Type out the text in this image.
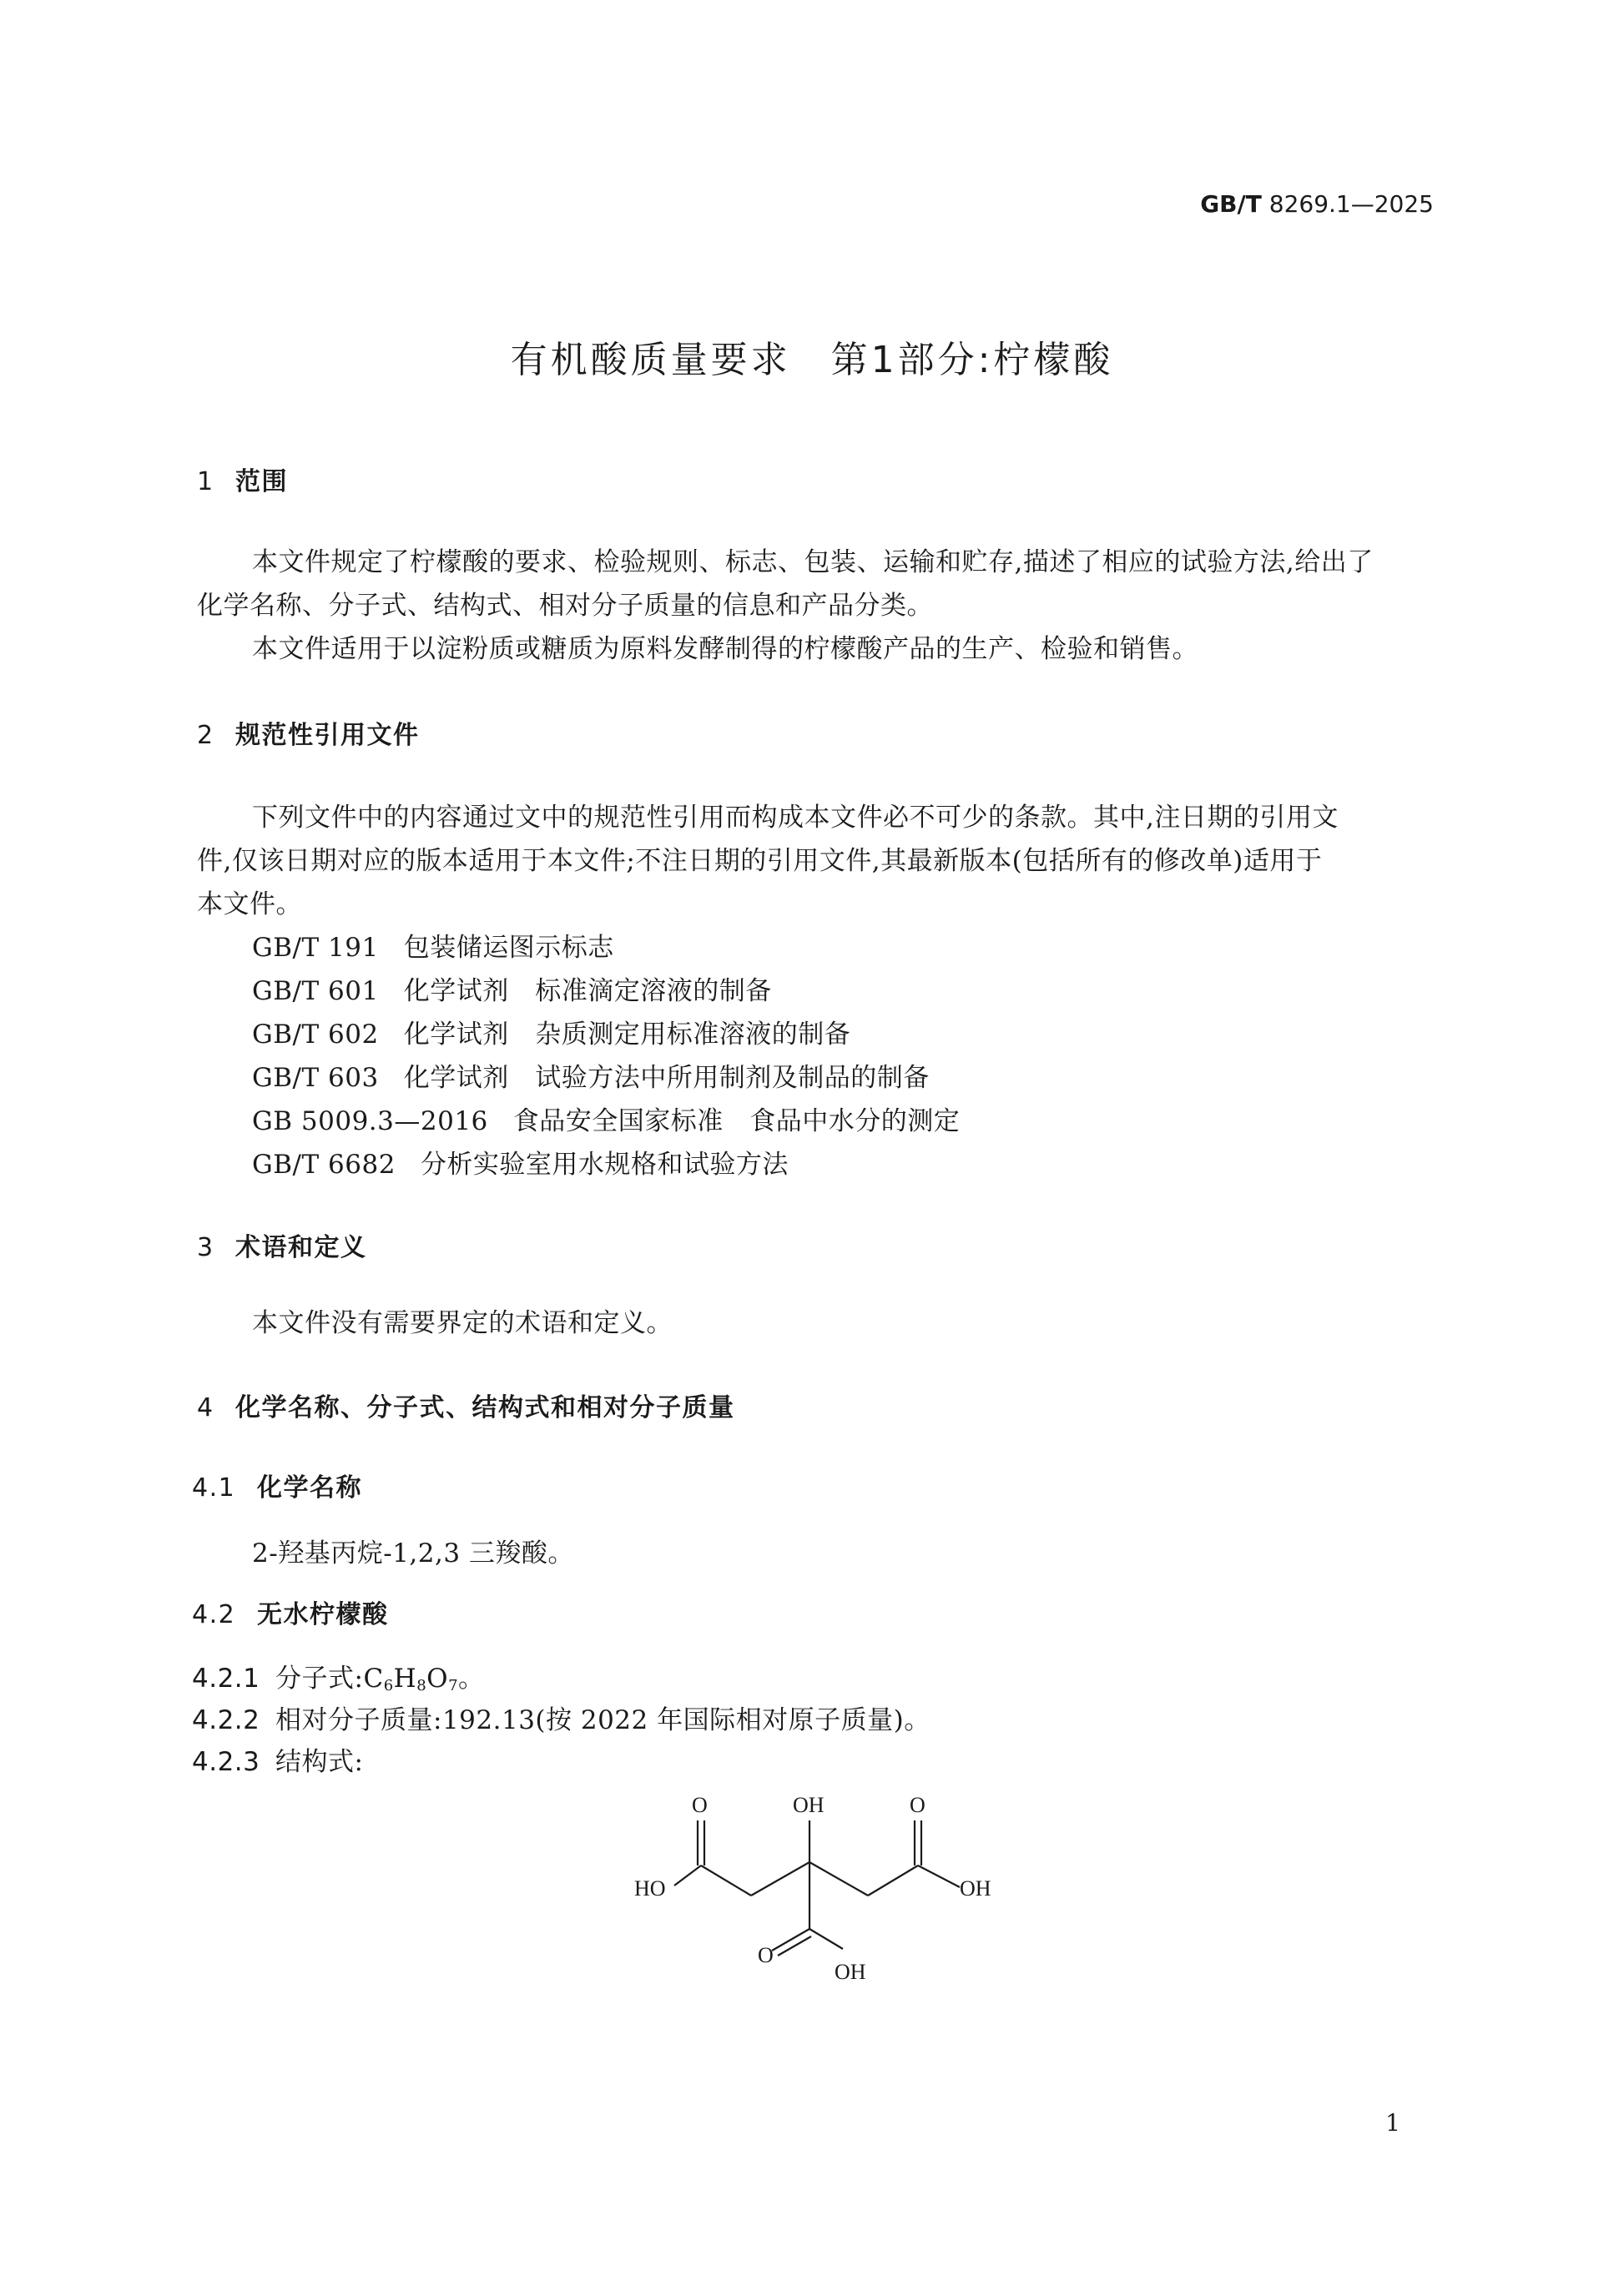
GB/T 8269.1—2025
有机酸质量要求　第1部分:柠檬酸
1 范围
本文件规定了柠檬酸的要求、检验规则、标志、包装、运输和贮存,描述了相应的试验方法,给出了
化学名称、分子式、结构式、相对分子质量的信息和产品分类。
本文件适用于以淀粉质或糖质为原料发酵制得的柠檬酸产品的生产、检验和销售。
2 规范性引用文件
下列文件中的内容通过文中的规范性引用而构成本文件必不可少的条款。其中,注日期的引用文
件,仅该日期对应的版本适用于本文件;不注日期的引用文件,其最新版本(包括所有的修改单)适用于
本文件。
GB/T 191 包装储运图示标志
GB/T 601 化学试剂　标准滴定溶液的制备
GB/T 602 化学试剂　杂质测定用标准溶液的制备
GB/T 603 化学试剂　试验方法中所用制剂及制品的制备
GB 5009.3—2016 食品安全国家标准　食品中水分的测定
GB/T 6682 分析实验室用水规格和试验方法
3 术语和定义
本文件没有需要界定的术语和定义。
4 化学名称、分子式、结构式和相对分子质量
4.1 化学名称
2-羟基丙烷-1,2,3 三羧酸。
4.2 无水柠檬酸
4.2.1 分子式$:C_6H_8O_7$。
4.2.2 相对分子质量:192.13(按 2022 年国际相对原子质量)。
4.2.3 结构式:
O	OH	O
HO	OH
O
OH
1
